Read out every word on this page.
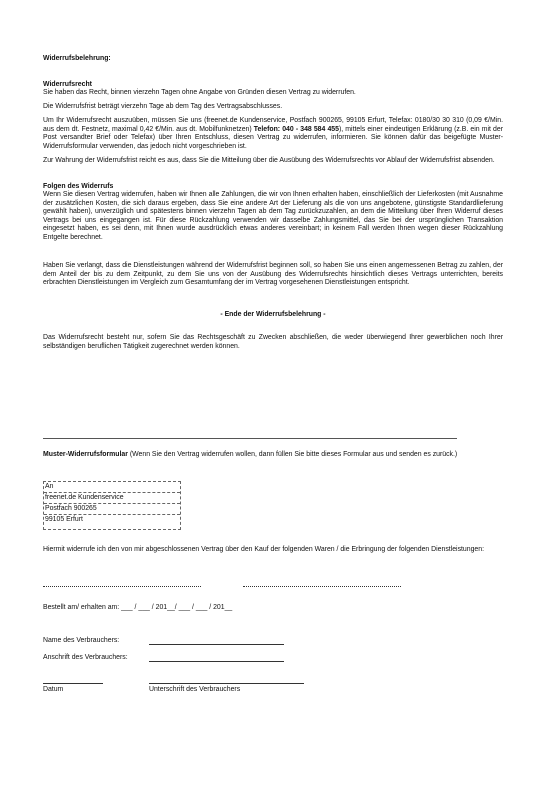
Widerrufsbelehrung:

Widerrufsrecht

Sie haben das Recht, binnen vierzehn Tagen ohne Angabe von Gründen diesen Vertrag zu widerrufen.

Die Widerrufsfrist beträgt vierzehn Tage ab dem Tag des Vertragsabschlusses.

Um Ihr Widerrufsrecht auszuüben, müssen Sie uns (freenet.de Kundenservice, Postfach 900265, 99105 Erfurt, Telefax: 0180/30 30 310 (0,09 €/Min. aus dem dt. Festnetz, maximal 0,42 €/Min. aus dt. Mobilfunknetzen) Telefon: 040 - 348 584 455), mittels einer eindeutigen Erklärung (z.B. ein mit der Post versandter Brief oder Telefax) über Ihren Entschluss, diesen Vertrag zu widerrufen, informieren. Sie können dafür das beigefügte Muster-Widerrufsformular verwenden, das jedoch nicht vorgeschrieben ist.

Zur Wahrung der Widerrufsfrist reicht es aus, dass Sie die Mitteilung über die Ausübung des Widerrufsrechts vor Ablauf der Widerrufsfrist absenden.

Folgen des Widerrufs

Wenn Sie diesen Vertrag widerrufen, haben wir Ihnen alle Zahlungen, die wir von Ihnen erhalten haben, einschließlich der Lieferkosten (mit Ausnahme der zusätzlichen Kosten, die sich daraus ergeben, dass Sie eine andere Art der Lieferung als die von uns angebotene, günstigste Standardlieferung gewählt haben), unverzüglich und spätestens binnen vierzehn Tagen ab dem Tag zurückzuzahlen, an dem die Mitteilung über Ihren Widerruf dieses Vertrags bei uns eingegangen ist. Für diese Rückzahlung verwenden wir dasselbe Zahlungsmittel, das Sie bei der ursprünglichen Transaktion eingesetzt haben, es sei denn, mit Ihnen wurde ausdrücklich etwas anderes vereinbart; in keinem Fall werden Ihnen wegen dieser Rückzahlung Entgelte berechnet.

Haben Sie verlangt, dass die Dienstleistungen während der Widerrufsfrist beginnen soll, so haben Sie uns einen angemessenen Betrag zu zahlen, der dem Anteil der bis zu dem Zeitpunkt, zu dem Sie uns von der Ausübung des Widerrufsrechts hinsichtlich dieses Vertrags unterrichten, bereits erbrachten Dienstleistungen im Vergleich zum Gesamtumfang der im Vertrag vorgesehenen Dienstleistungen entspricht.

- Ende der Widerrufsbelehrung -

Das Widerrufsrecht besteht nur, sofern Sie das Rechtsgeschäft zu Zwecken abschließen, die weder überwiegend Ihrer gewerblichen noch Ihrer selbständigen beruflichen Tätigkeit zugerechnet werden können.

Muster-Widerrufsformular (Wenn Sie den Vertrag widerrufen wollen, dann füllen Sie bitte dieses Formular aus und senden es zurück.)

Hiermit widerrufe ich den von mir abgeschlossenen Vertrag über den Kauf der folgenden Waren / die Erbringung der folgenden Dienstleistungen:

Bestellt am/ erhalten am: ___ / ___ / 201__/ ___ / ___ / 201__

Name des Verbrauchers:

Anschrift des Verbrauchers:

Datum	Unterschrift des Verbrauchers

An
freenet.de Kundenservice
Postfach 900265
99105 Erfurt
